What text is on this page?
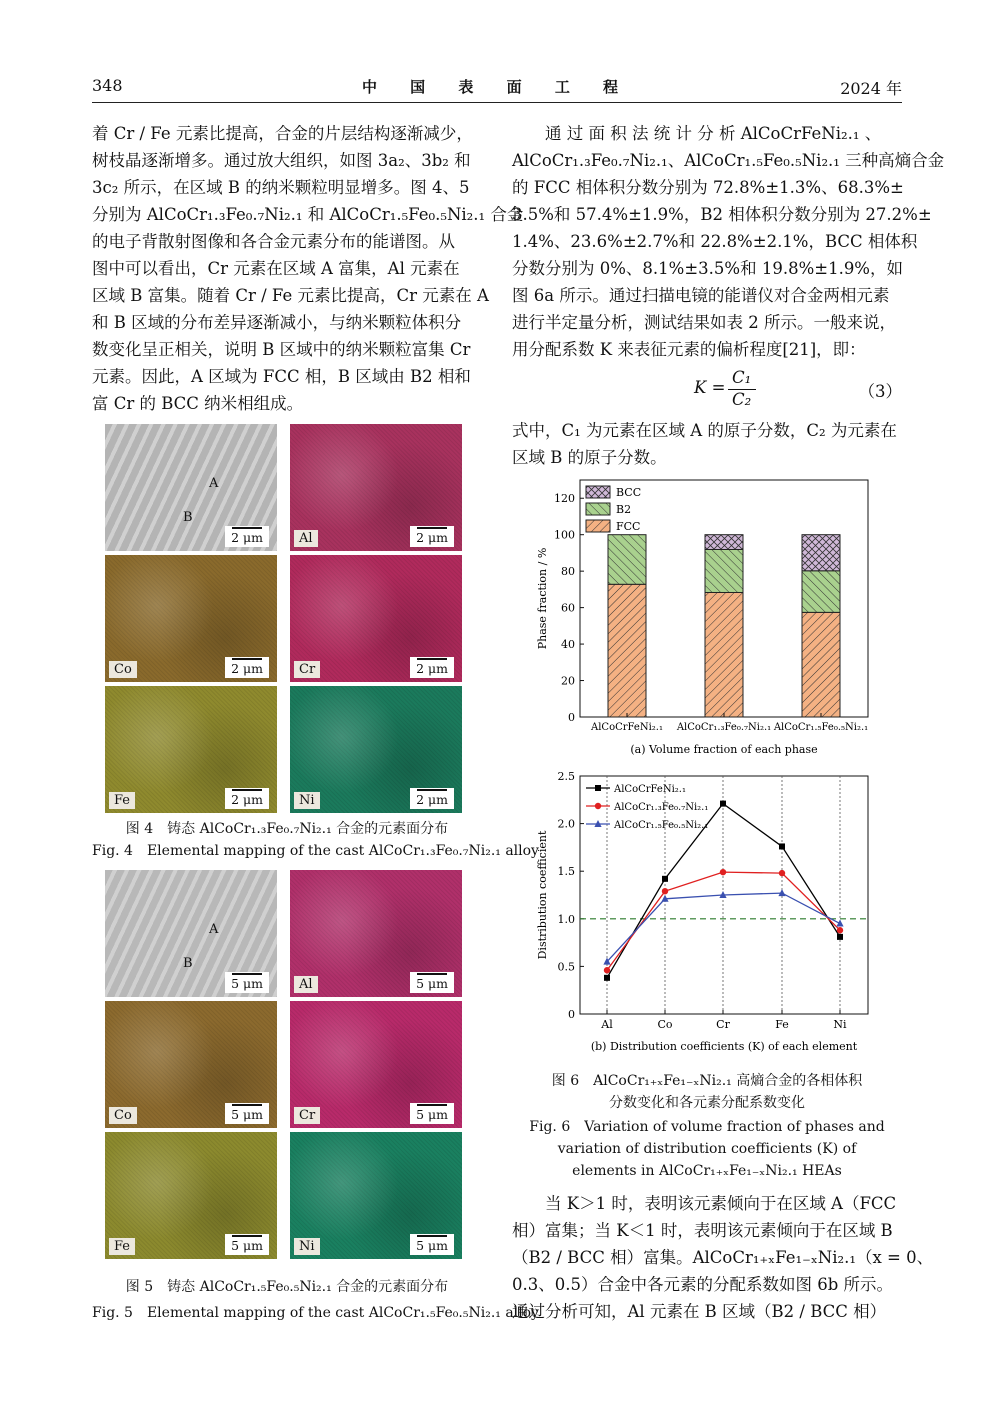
348	中 国 表 面 工 程	2024 年
着 Cr / Fe 元素比提高，合金的片层结构逐渐减少，
树枝晶逐渐增多。通过放大组织，如图 3a₂、3b₂ 和
3c₂ 所示，在区域 B 的纳米颗粒明显增多。图 4、5
分别为 AlCoCr₁.₃Fe₀.₇Ni₂.₁ 和 AlCoCr₁.₅Fe₀.₅Ni₂.₁ 合金
的电子背散射图像和各合金元素分布的能谱图。从
图中可以看出，Cr 元素在区域 A 富集，Al 元素在
区域 B 富集。随着 Cr / Fe 元素比提高，Cr 元素在 A
和 B 区域的分布差异逐渐减小，与纳米颗粒体积分
数变化呈正相关，说明 B 区域中的纳米颗粒富集 Cr
元素。因此，A 区域为 FCC 相，B 区域由 B2 相和
富 Cr 的 BCC 纳米相组成。
2 μm
A
B
Al	2 μm
Co	2 μm	Cr	2 μm
Fe	2 μm	Ni	2 μm
图 4　铸态 AlCoCr₁.₃Fe₀.₇Ni₂.₁ 合金的元素面分布
Fig. 4　Elemental mapping of the cast AlCoCr₁.₃Fe₀.₇Ni₂.₁ alloy
5 μm
A
B
Al	5 μm
Co	5 μm	Cr	5 μm
Fe	5 μm	Ni	5 μm
图 5　铸态 AlCoCr₁.₅Fe₀.₅Ni₂.₁ 合金的元素面分布
Fig. 5　Elemental mapping of the cast AlCoCr₁.₅Fe₀.₅Ni₂.₁ alloy
通 过 面 积 法 统 计 分 析 AlCoCrFeNi₂.₁ 、
AlCoCr₁.₃Fe₀.₇Ni₂.₁、AlCoCr₁.₅Fe₀.₅Ni₂.₁ 三种高熵合金
的 FCC 相体积分数分别为 72.8%±1.3%、68.3%±
3.5%和 57.4%±1.9%，B2 相体积分数分别为 27.2%±
1.4%、23.6%±2.7%和 22.8%±2.1%，BCC 相体积
分数分别为 0%、8.1%±3.5%和 19.8%±1.9%，如
图 6a 所示。通过扫描电镜的能谱仪对合金两相元素
进行半定量分析，测试结果如表 2 所示。一般来说，
用分配系数 K 来表征元素的偏析程度[21]，即：
K =
C₁
C₂	（3）
式中，C₁ 为元素在区域 A 的原子分数，C₂ 为元素在
区域 B 的原子分数。
0
20
40
60
80
100
120
Phase fraction / %
AlCoCrFeNi₂.₁ AlCoCr₁.₃Fe₀.₇Ni₂.₁ AlCoCr₁.₅Fe₀.₅Ni₂.₁
(a) Volume fraction of each phase
BCC
B2
FCC
Al	Co	Cr	Fe	Ni
0
0.5
1.0
1.5
2.0
2.5
Distribution coefficient
AlCoCrFeNi₂.₁
AlCoCr₁.₃Fe₀.₇Ni₂.₁
AlCoCr₁.₅Fe₀.₅Ni₂.₁
(b) Distribution coefficients (K) of each element
图 6　AlCoCr₁₊ₓFe₁₋ₓNi₂.₁ 高熵合金的各相体积
分数变化和各元素分配系数变化
Fig. 6　Variation of volume fraction of phases and
variation of distribution coefficients (K) of
elements in AlCoCr₁₊ₓFe₁₋ₓNi₂.₁ HEAs
当 K＞1 时，表明该元素倾向于在区域 A（FCC
相）富集；当 K＜1 时，表明该元素倾向于在区域 B
（B2 / BCC 相）富集。AlCoCr₁₊ₓFe₁₋ₓNi₂.₁（x = 0、
0.3、0.5）合金中各元素的分配系数如图 6b 所示。
通过分析可知，Al 元素在 B 区域（B2 / BCC 相）
